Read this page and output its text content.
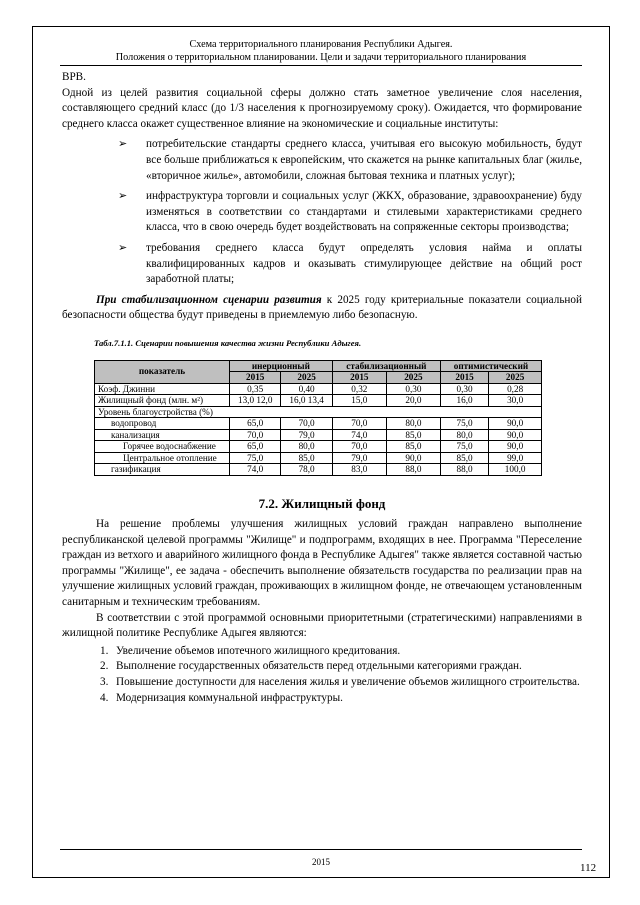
Схема территориального планирования Республики Адыгея.
Положения о территориальном планировании. Цели и задачи территориального планирования

ВРВ.

Одной из целей развития социальной сферы должно стать заметное увеличение слоя населения, составляющего средний класс (до 1/3 населения к прогнозируемому сроку). Ожидается, что формирование среднего класса окажет существенное влияние на экономические и социальные институты:

➢ потребительские стандарты среднего класса, учитывая его высокую мобильность, будут все больше приближаться к европейским, что скажется на рынке капитальных благ (жилье, «вторичное жилье», автомобили, сложная бытовая техника и платных услуг);

➢ инфраструктура торговли и социальных услуг (ЖКХ, образование, здравоохранение) буду изменяться в соответствии со стандартами и стилевыми характеристиками среднего класса, что в свою очередь будет воздействовать на сопряженные секторы производства;

➢ требования среднего класса будут определять условия найма и оплаты квалифицированных кадров и оказывать стимулирующее действие на общий рост заработной платы;

При стабилизационном сценарии развития к 2025 году критериальные показатели социальной безопасности общества будут приведены в приемлемую либо безопасную.

Табл.7.1.1. Сценарии повышения качества жизни Республики Адыгея.

показатель	инерционный		стабилизационный		оптимистический	
	2015	2025	2015	2025	2015	2025
Коэф. Джинни	0,35	0,40	0,32	0,30	0,30	0,28
Жилищный фонд (млн. м²)	13,0 12,0	16,0 13,4	15,0	20,0	16,0	30,0
Уровень благоустройства (%)						
водопровод	65,0	70,0	70,0	80,0	75,0	90,0
канализация	70,0	79,0	74,0	85,0	80,0	90,0
Горячее водоснабжение	65,0	80,0	70,0	85,0	75,0	90,0
Центральное отопление	75,0	85,0	79,0	90,0	85,0	99,0
газификация	74,0	78,0	83,0	88,0	88,0	100,0

7.2. Жилищный фонд

На решение проблемы улучшения жилищных условий граждан направлено выполнение республиканской целевой программы "Жилище" и подпрограмм, входящих в нее. Программа "Переселение граждан из ветхого и аварийного жилищного фонда в Республике Адыгея" также является составной частью программы "Жилище", ее задача - обеспечить выполнение обязательств государства по реализации прав на улучшение жилищных условий граждан, проживающих в жилищном фонде, не отвечающем установленным санитарным и техническим требованиям.

В соответствии с этой программой основными приоритетными (стратегическими) направлениями в жилищной политике Республике Адыгея являются:

1. Увеличение объемов ипотечного жилищного кредитования.
2. Выполнение государственных обязательств перед отдельными категориями граждан.
3. Повышение доступности для населения жилья и увеличение объемов жилищного строительства.
4. Модернизация коммунальной инфраструктуры.
2015	112
